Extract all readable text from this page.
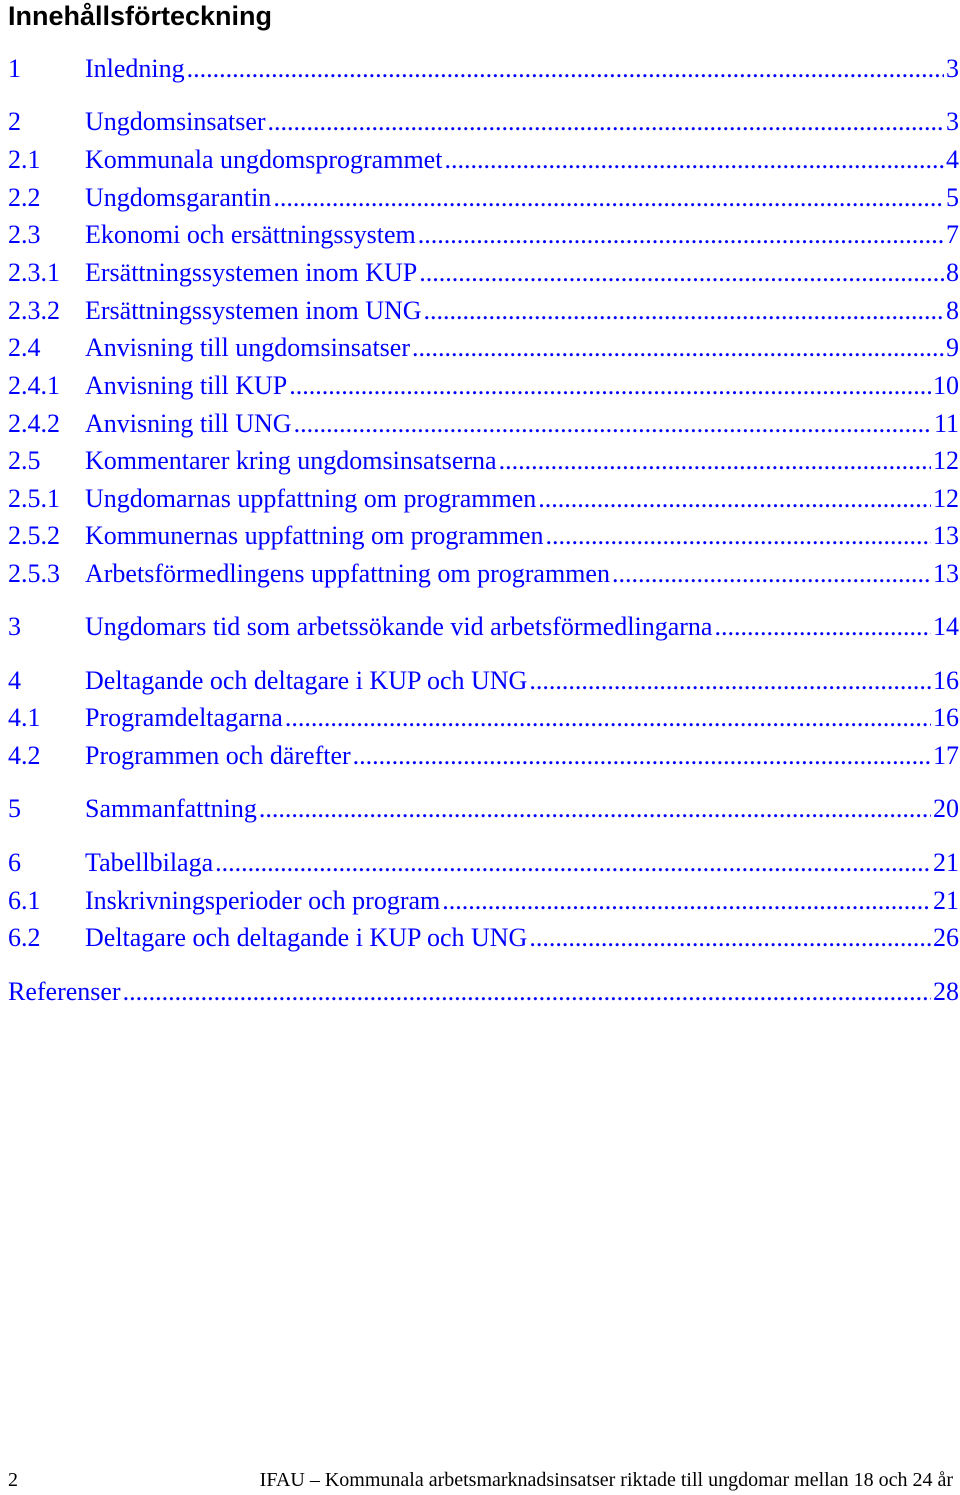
Innehållsförteckning
1	Inledning .....	3
2	Ungdomsinsatser .....	3
2.1	Kommunala ungdomsprogrammet .....	4
2.2	Ungdomsgarantin .....	5
2.3	Ekonomi och ersättningssystem .....	7
2.3.1 Ersättningssystemen inom KUP .....	8
2.3.2 Ersättningssystemen inom UNG .....	8
2.4	Anvisning till ungdomsinsatser .....	9
2.4.1 Anvisning till KUP .....	10
2.4.2 Anvisning till UNG .....	11
2.5	Kommentarer kring ungdomsinsatserna .....	12
2.5.1 Ungdomarnas uppfattning om programmen .....	12
2.5.2 Kommunernas uppfattning om programmen .....	13
2.5.3 Arbetsförmedlingens uppfattning om programmen .....	13
3	Ungdomars tid som arbetssökande vid arbetsförmedlingarna .....	14
4	Deltagande och deltagare i KUP och UNG .....	16
4.1	Programdeltagarna .....	16
4.2	Programmen och därefter .....	17
5	Sammanfattning .....	20
6	Tabellbilaga .....	21
6.1	Inskrivningsperioder och program .....	21
6.2	Deltagare och deltagande i KUP och UNG .....	26
Referenser .....	28
2	IFAU – Kommunala arbetsmarknadsinsatser riktade till ungdomar mellan 18 och 24 år
